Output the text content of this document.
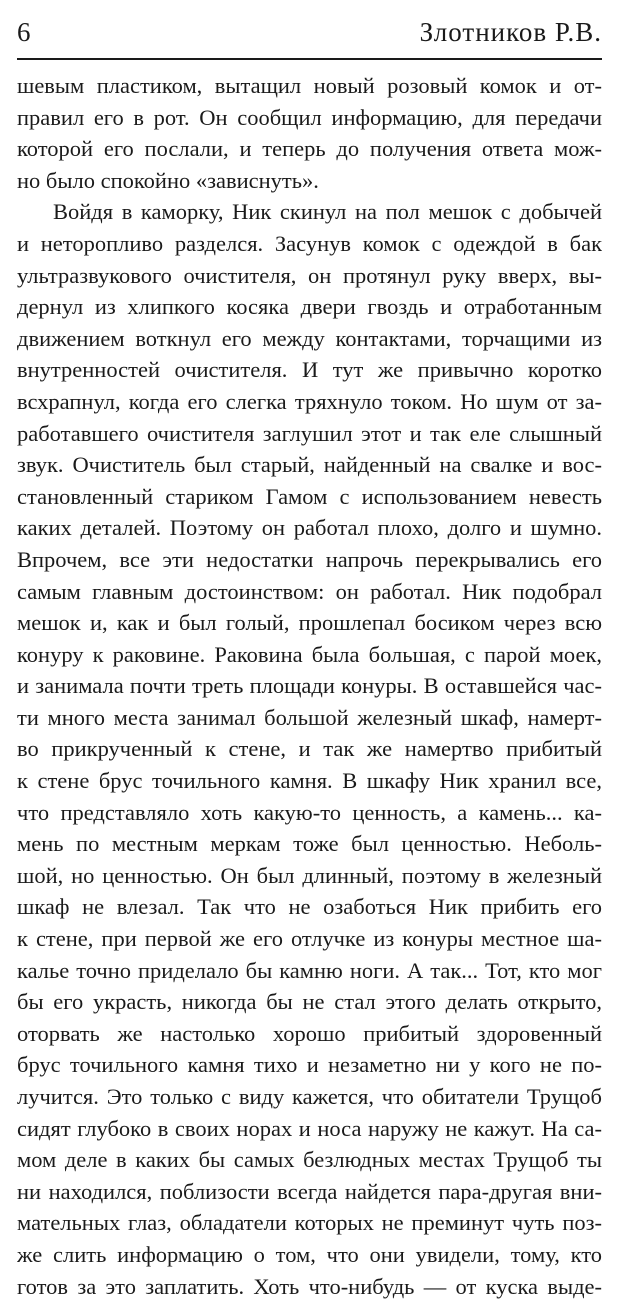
6	Злотников Р.В.
шевым пластиком, вытащил новый розовый комок и от-
правил его в рот. Он сообщил информацию, для передачи
которой его послали, и теперь до получения ответа мож-
но было спокойно «зависнуть».
Войдя в каморку, Ник скинул на пол мешок с добычей
и неторопливо разделся. Засунув комок с одеждой в бак
ультразвукового очистителя, он протянул руку вверх, вы-
дернул из хлипкого косяка двери гвоздь и отработанным
движением воткнул его между контактами, торчащими из
внутренностей очистителя. И тут же привычно коротко
всхрапнул, когда его слегка тряхнуло током. Но шум от за-
работавшего очистителя заглушил этот и так еле слышный
звук. Очиститель был старый, найденный на свалке и вос-
становленный стариком Гамом с использованием невесть
каких деталей. Поэтому он работал плохо, долго и шумно.
Впрочем, все эти недостатки напрочь перекрывались его
самым главным достоинством: он работал. Ник подобрал
мешок и, как и был голый, прошлепал босиком через всю
конуру к раковине. Раковина была большая, с парой моек,
и занимала почти треть площади конуры. В оставшейся час-
ти много места занимал большой железный шкаф, намерт-
во прикрученный к стене, и так же намертво прибитый
к стене брус точильного камня. В шкафу Ник хранил все,
что представляло хоть какую-то ценность, а камень... ка-
мень по местным меркам тоже был ценностью. Неболь-
шой, но ценностью. Он был длинный, поэтому в железный
шкаф не влезал. Так что не озаботься Ник прибить его
к стене, при первой же его отлучке из конуры местное ша-
калье точно приделало бы камню ноги. А так... Тот, кто мог
бы его украсть, никогда бы не стал этого делать открыто,
оторвать же настолько хорошо прибитый здоровенный
брус точильного камня тихо и незаметно ни у кого не по-
лучится. Это только с виду кажется, что обитатели Трущоб
сидят глубоко в своих норах и носа наружу не кажут. На са-
мом деле в каких бы самых безлюдных местах Трущоб ты
ни находился, поблизости всегда найдется пара-другая вни-
мательных глаз, обладатели которых не преминут чуть поз-
же слить информацию о том, что они увидели, тому, кто
готов за это заплатить. Хоть что-нибудь — от куска выде-
